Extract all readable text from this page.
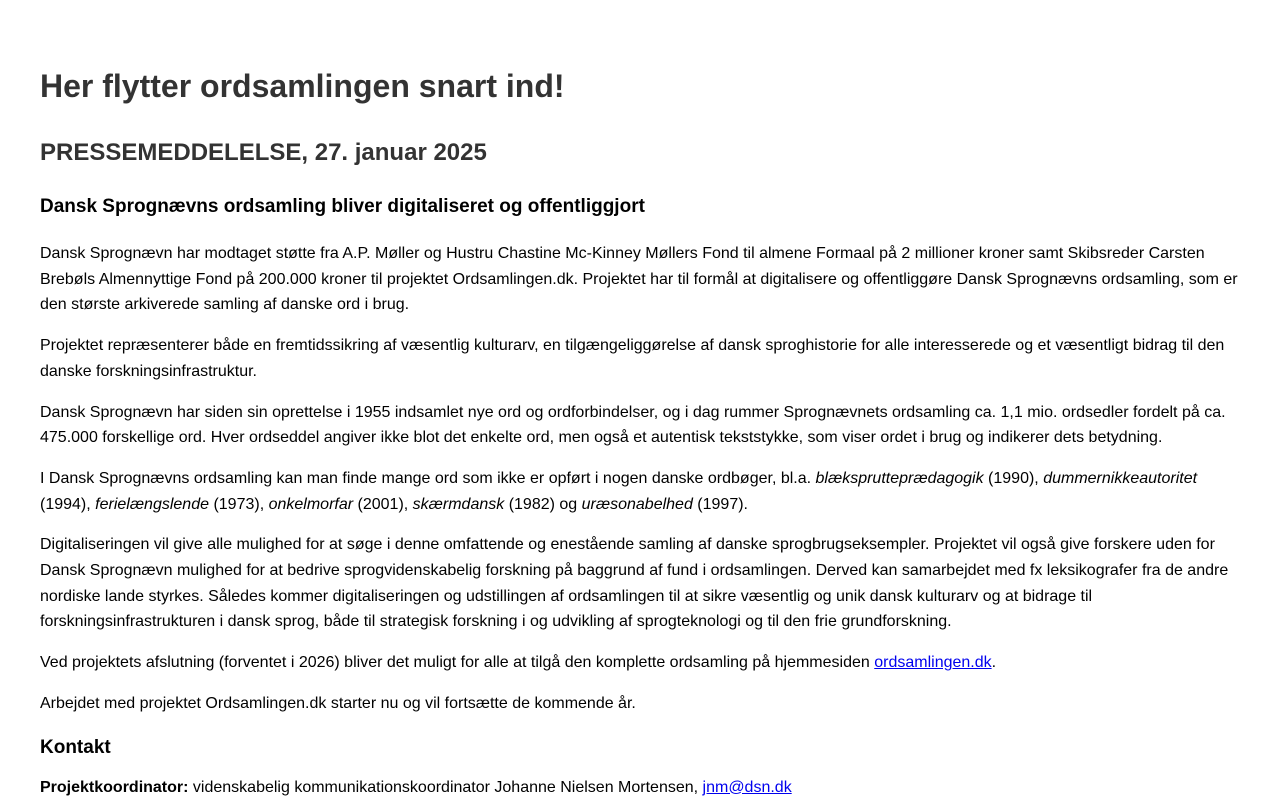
Her flytter ordsamlingen snart ind!
PRESSEMEDDELELSE, 27. januar 2025
Dansk Sprognævns ordsamling bliver digitaliseret og offentliggjort

Dansk Sprognævn har modtaget støtte fra A.P. Møller og Hustru Chastine Mc-Kinney Møllers Fond til almene Formaal på 2 millioner kroner samt Skibsreder Carsten Brebøls Almennyttige Fond på 200.000 kroner til projektet Ordsamlingen.dk. Projektet har til formål at digitalisere og offentliggøre Dansk Sprognævns ordsamling, som er den største arkiverede samling af danske ord i brug.

Projektet repræsenterer både en fremtidssikring af væsentlig kulturarv, en tilgængeliggørelse af dansk sproghistorie for alle interesserede og et væsentligt bidrag til den danske forskningsinfrastruktur.

Dansk Sprognævn har siden sin oprettelse i 1955 indsamlet nye ord og ordforbindelser, og i dag rummer Sprognævnets ordsamling ca. 1,1 mio. ordsedler fordelt på ca. 475.000 forskellige ord. Hver ordseddel angiver ikke blot det enkelte ord, men også et autentisk tekststykke, som viser ordet i brug og indikerer dets betydning.

I Dansk Sprognævns ordsamling kan man finde mange ord som ikke er opført i nogen danske ordbøger, bl.a. blæksprutteprædagogik (1990), dummernikkeautoritet (1994), ferielængslende (1973), onkelmorfar (2001), skærmdansk (1982) og uræsonabelhed (1997).

Digitaliseringen vil give alle mulighed for at søge i denne omfattende og enestående samling af danske sprogbrugseksempler. Projektet vil også give forskere uden for Dansk Sprognævn mulighed for at bedrive sprogvidenskabelig forskning på baggrund af fund i ordsamlingen. Derved kan samarbejdet med fx leksikografer fra de andre nordiske lande styrkes. Således kommer digitaliseringen og udstillingen af ordsamlingen til at sikre væsentlig og unik dansk kulturarv og at bidrage til forskningsinfrastrukturen i dansk sprog, både til strategisk forskning i og udvikling af sprogteknologi og til den frie grundforskning.

Ved projektets afslutning (forventet i 2026) bliver det muligt for alle at tilgå den komplette ordsamling på hjemmesiden ordsamlingen.dk.

Arbejdet med projektet Ordsamlingen.dk starter nu og vil fortsætte de kommende år.

Kontakt

Projektkoordinator: videnskabelig kommunikationskoordinator Johanne Nielsen Mortensen, jnm@dsn.dk
